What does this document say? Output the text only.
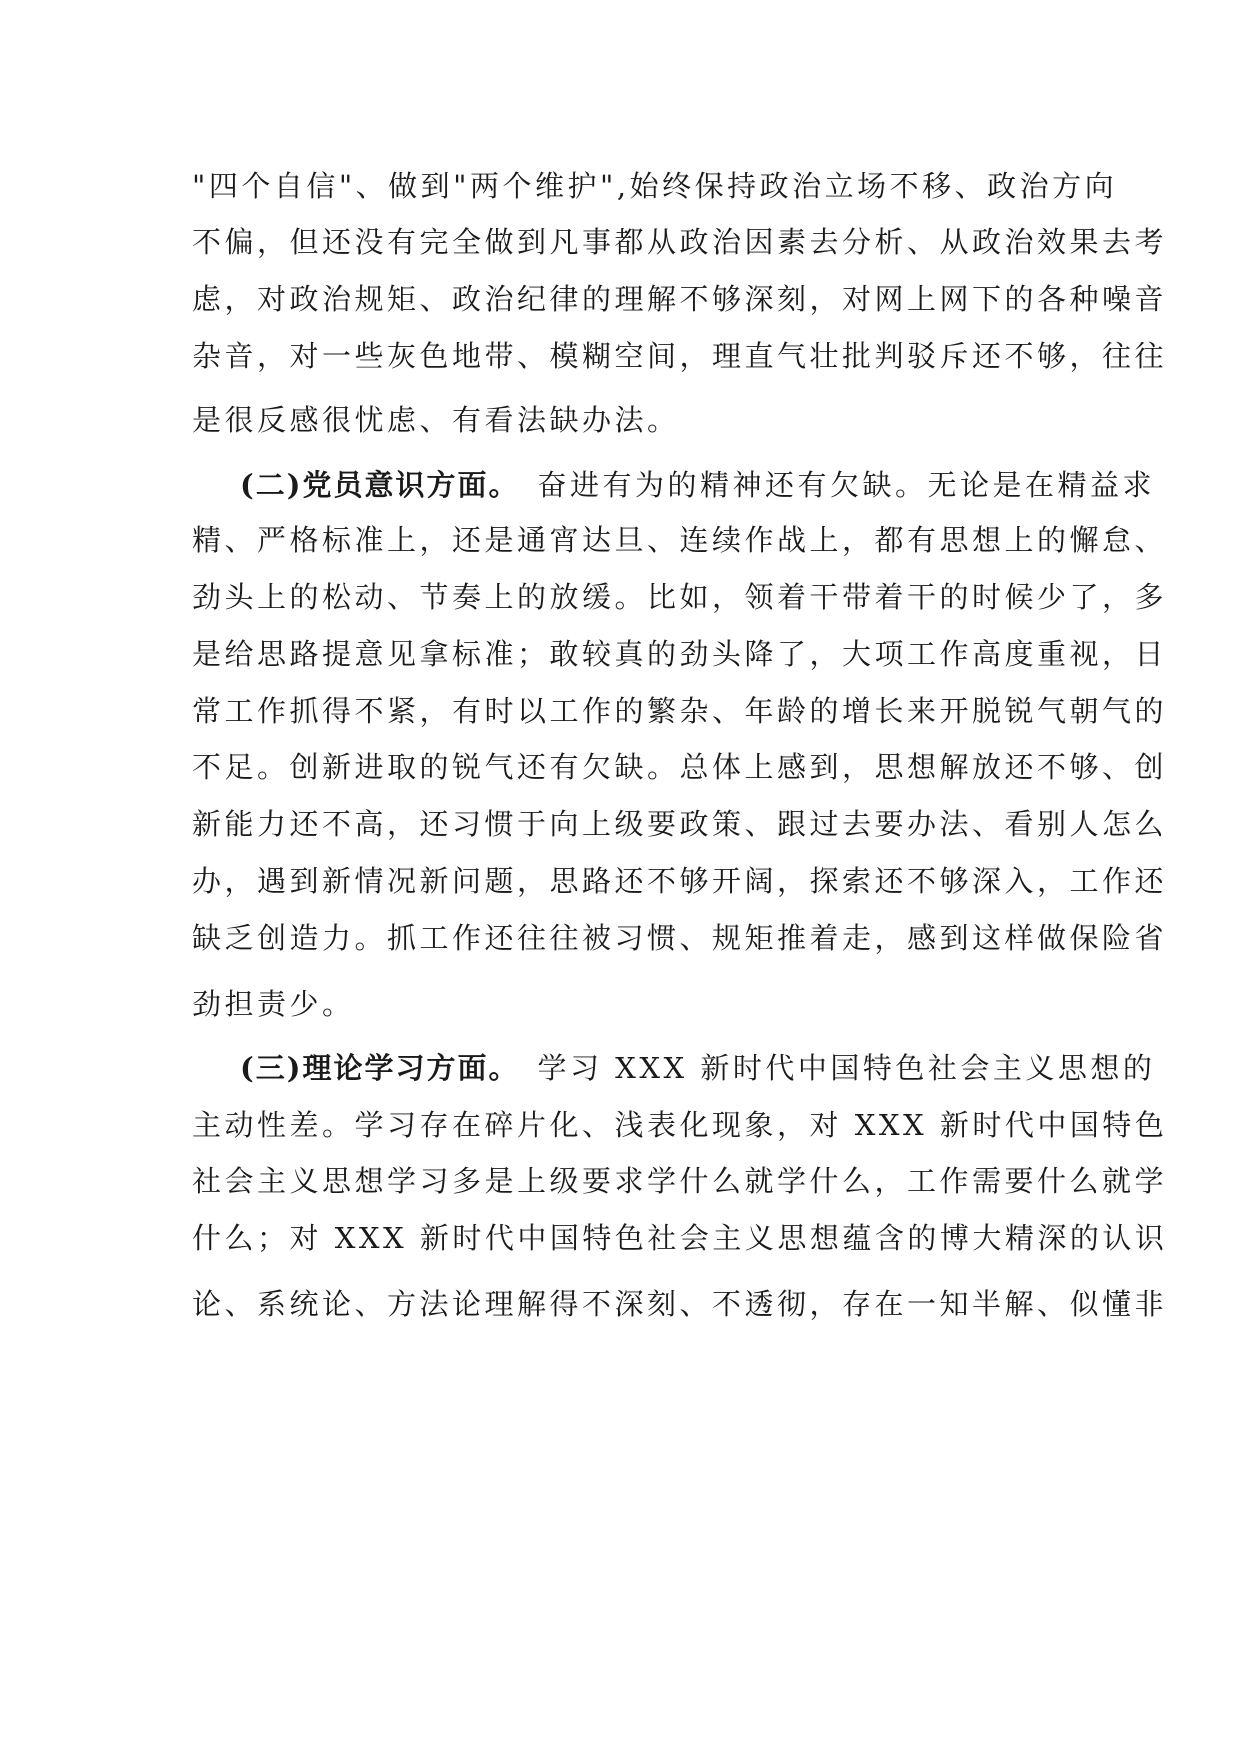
"四个自信"、做到"两个维护",始终保持政治立场不移、政治方向
不偏，但还没有完全做到凡事都从政治因素去分析、从政治效果去考
虑，对政治规矩、政治纪律的理解不够深刻，对网上网下的各种噪音
杂音，对一些灰色地带、模糊空间，理直气壮批判驳斥还不够，往往
是很反感很忧虑、有看法缺办法。
(二)党员意识方面。 奋进有为的精神还有欠缺。无论是在精益求
精、严格标准上，还是通宵达旦、连续作战上，都有思想上的懈怠、
劲头上的松动、节奏上的放缓。比如，领着干带着干的时候少了，多
是给思路提意见拿标准；敢较真的劲头降了，大项工作高度重视，日
常工作抓得不紧，有时以工作的繁杂、年龄的增长来开脱锐气朝气的
不足。创新进取的锐气还有欠缺。总体上感到，思想解放还不够、创
新能力还不高，还习惯于向上级要政策、跟过去要办法、看别人怎么
办，遇到新情况新问题，思路还不够开阔，探索还不够深入，工作还
缺乏创造力。抓工作还往往被习惯、规矩推着走，感到这样做保险省
劲担责少。
(三)理论学习方面。 学习 XXX 新时代中国特色社会主义思想的
主动性差。学习存在碎片化、浅表化现象，对 XXX 新时代中国特色
社会主义思想学习多是上级要求学什么就学什么，工作需要什么就学
什么；对 XXX 新时代中国特色社会主义思想蕴含的博大精深的认识
论、系统论、方法论理解得不深刻、不透彻，存在一知半解、似懂非
